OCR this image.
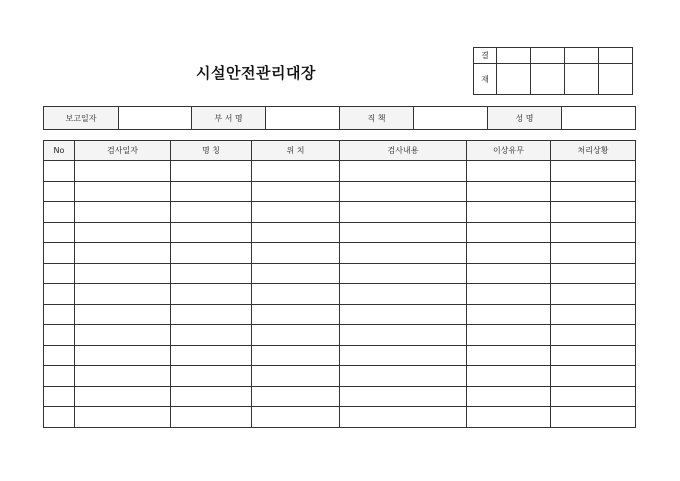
시설안전관리대장
결				
재				
보고일자		부 서 명		직 책		성 명	
No	검사일자	명 칭	위 치	검사내용	이상유무	처리상황
